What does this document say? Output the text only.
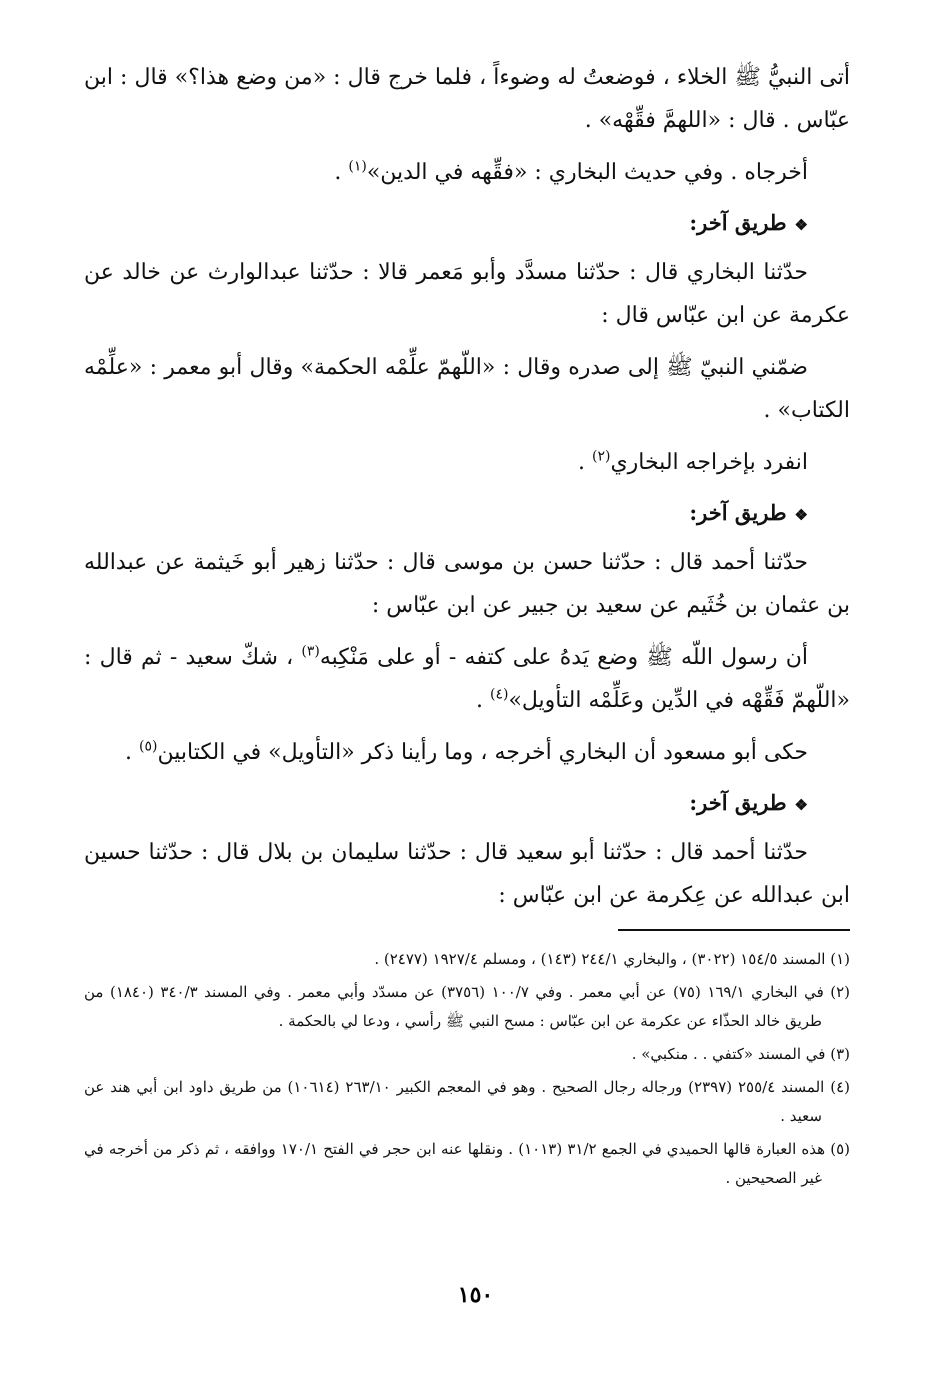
أتى النبيُّ ﷺ الخلاء ، فوضعتُ له وضوءاً ، فلما خرج قال : «من وضع هذا؟» قال : ابن عبّاس . قال : «اللهمَّ فقِّهْه» .

أخرجاه . وفي حديث البخاري : «فقِّهه في الدين»$^{(١)}$ .

❖طريق آخر:

حدّثنا البخاري قال : حدّثنا مسدَّد وأبو مَعمر قالا : حدّثنا عبدالوارث عن خالد عن عكرمة عن ابن عبّاس قال :

ضمّني النبيّ ﷺ إلى صدره وقال : «اللّهمّ علِّمْه الحكمة» وقال أبو معمر : «علِّمْه الكتاب» .

انفرد بإخراجه البخاري$^{(٢)}$ .

❖طريق آخر:

حدّثنا أحمد قال : حدّثنا حسن بن موسى قال : حدّثنا زهير أبو خَيثمة عن عبدالله بن عثمان بن خُثَيم عن سعيد بن جبير عن ابن عبّاس :

أن رسول اللّه ﷺ وضع يَدهُ على كتفه - أو على مَنْكِبه$^{(٣)}$ ، شكّ سعيد - ثم قال : «اللّهمّ فَقِّهْه في الدِّين وعَلِّمْه التأويل»$^{(٤)}$ .

حكى أبو مسعود أن البخاري أخرجه ، وما رأينا ذكر «التأويل» في الكتابين$^{(٥)}$ .

❖طريق آخر:

حدّثنا أحمد قال : حدّثنا أبو سعيد قال : حدّثنا سليمان بن بلال قال : حدّثنا حسين ابن عبدالله عن عِكرمة عن ابن عبّاس :

(١) المسند ١٥٤/٥ (٣٠٢٢) ، والبخاري ٢٤٤/١ (١٤٣) ، ومسلم ١٩٢٧/٤ (٢٤٧٧) .

(٢) في البخاري ١٦٩/١ (٧٥) عن أبي معمر . وفي ١٠٠/٧ (٣٧٥٦) عن مسدّد وأبي معمر . وفي المسند ٣٤٠/٣ (١٨٤٠) من طريق خالد الحذّاء عن عكرمة عن ابن عبّاس : مسح النبي ﷺ رأسي ، ودعا لي بالحكمة .

(٣) في المسند «كتفي . . منكبي» .

(٤) المسند ٢٥٥/٤ (٢٣٩٧) ورجاله رجال الصحيح . وهو في المعجم الكبير ٢٦٣/١٠ (١٠٦١٤) من طريق داود ابن أبي هند عن سعيد .

(٥) هذه العبارة قالها الحميدي في الجمع ٣١/٢ (١٠١٣) . ونقلها عنه ابن حجر في الفتح ١٧٠/١ ووافقه ، ثم ذكر من أخرجه في غير الصحيحين .

١٥٠
